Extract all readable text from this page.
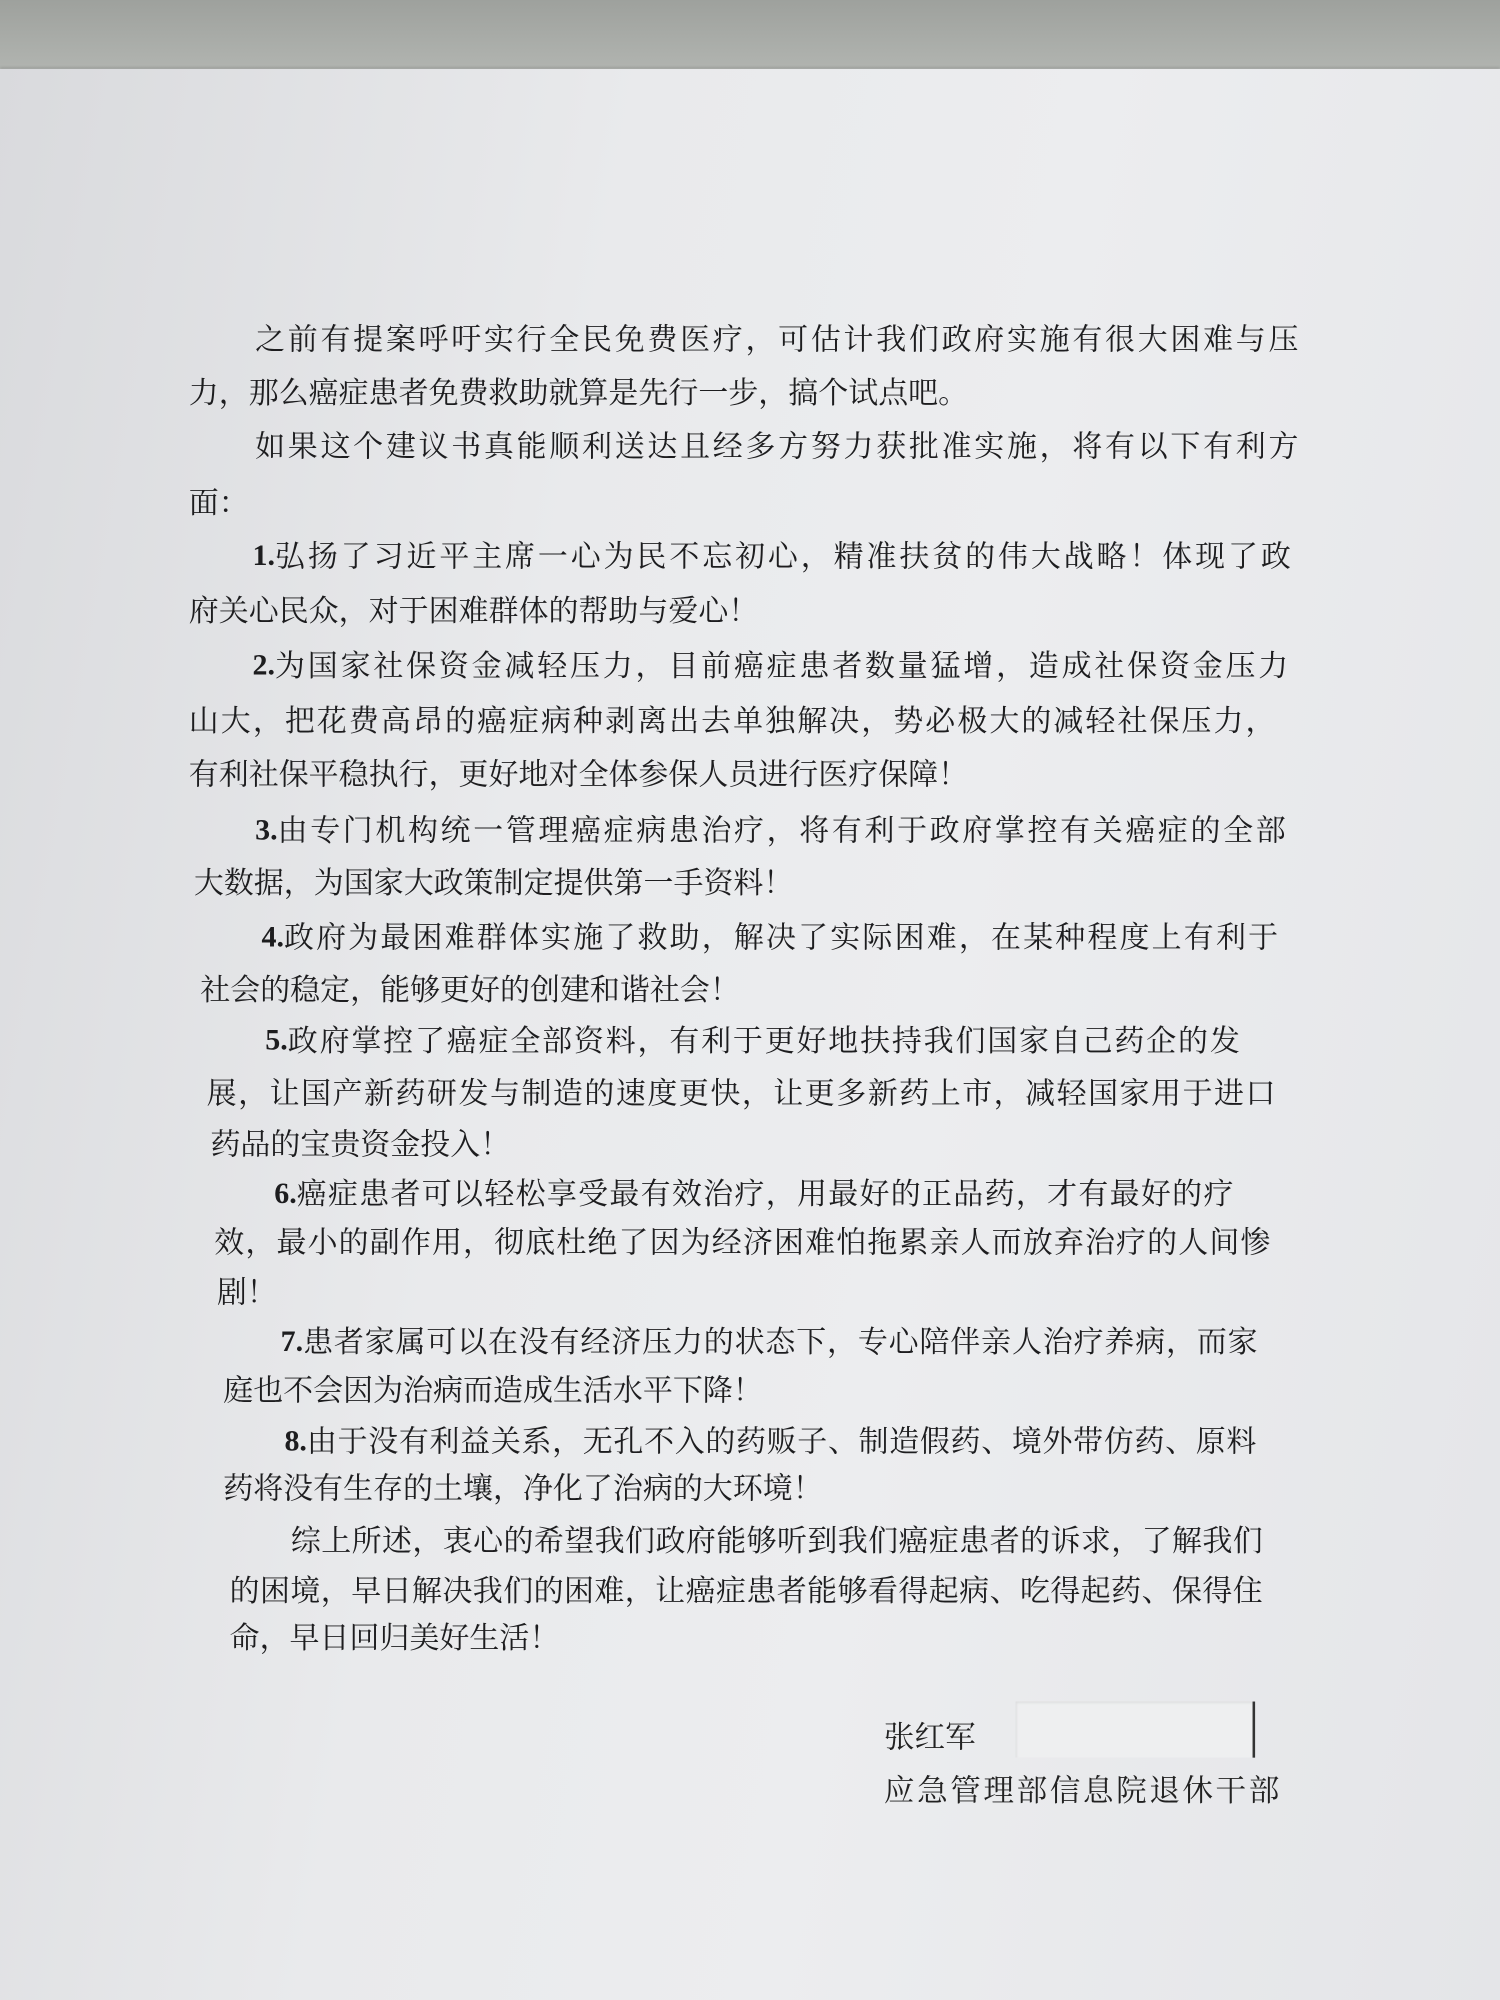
之前有提案呼吁实行全民免费医疗，可估计我们政府实施有很大困难与压
力，那么癌症患者免费救助就算是先行一步，搞个试点吧。
如果这个建议书真能顺利送达且经多方努力获批准实施，将有以下有利方
面：
1. 弘扬了习近平主席一心为民不忘初心，精准扶贫的伟大战略！体现了政
府关心民众，对于困难群体的帮助与爱心！
2. 为国家社保资金减轻压力，目前癌症患者数量猛增，造成社保资金压力
山大，把花费高昂的癌症病种剥离出去单独解决，势必极大的减轻社保压力，
有利社保平稳执行，更好地对全体参保人员进行医疗保障！
3. 由专门机构统一管理癌症病患治疗，将有利于政府掌控有关癌症的全部
大数据，为国家大政策制定提供第一手资料！
4. 政府为最困难群体实施了救助，解决了实际困难，在某种程度上有利于
社会的稳定，能够更好的创建和谐社会！
5. 政府掌控了癌症全部资料，有利于更好地扶持我们国家自己药企的发
展，让国产新药研发与制造的速度更快，让更多新药上市，减轻国家用于进口
药品的宝贵资金投入！
6. 癌症患者可以轻松享受最有效治疗，用最好的正品药，才有最好的疗
效，最小的副作用，彻底杜绝了因为经济困难怕拖累亲人而放弃治疗的人间惨
剧！
7. 患者家属可以在没有经济压力的状态下，专心陪伴亲人治疗养病，而家
庭也不会因为治病而造成生活水平下降！
8. 由于没有利益关系，无孔不入的药贩子、制造假药、境外带仿药、原料
药将没有生存的土壤，净化了治病的大环境！
综上所述，衷心的希望我们政府能够听到我们癌症患者的诉求，了解我们
的困境，早日解决我们的困难，让癌症患者能够看得起病、吃得起药、保得住
命，早日回归美好生活！
张红军
应急管理部信息院退休干部
